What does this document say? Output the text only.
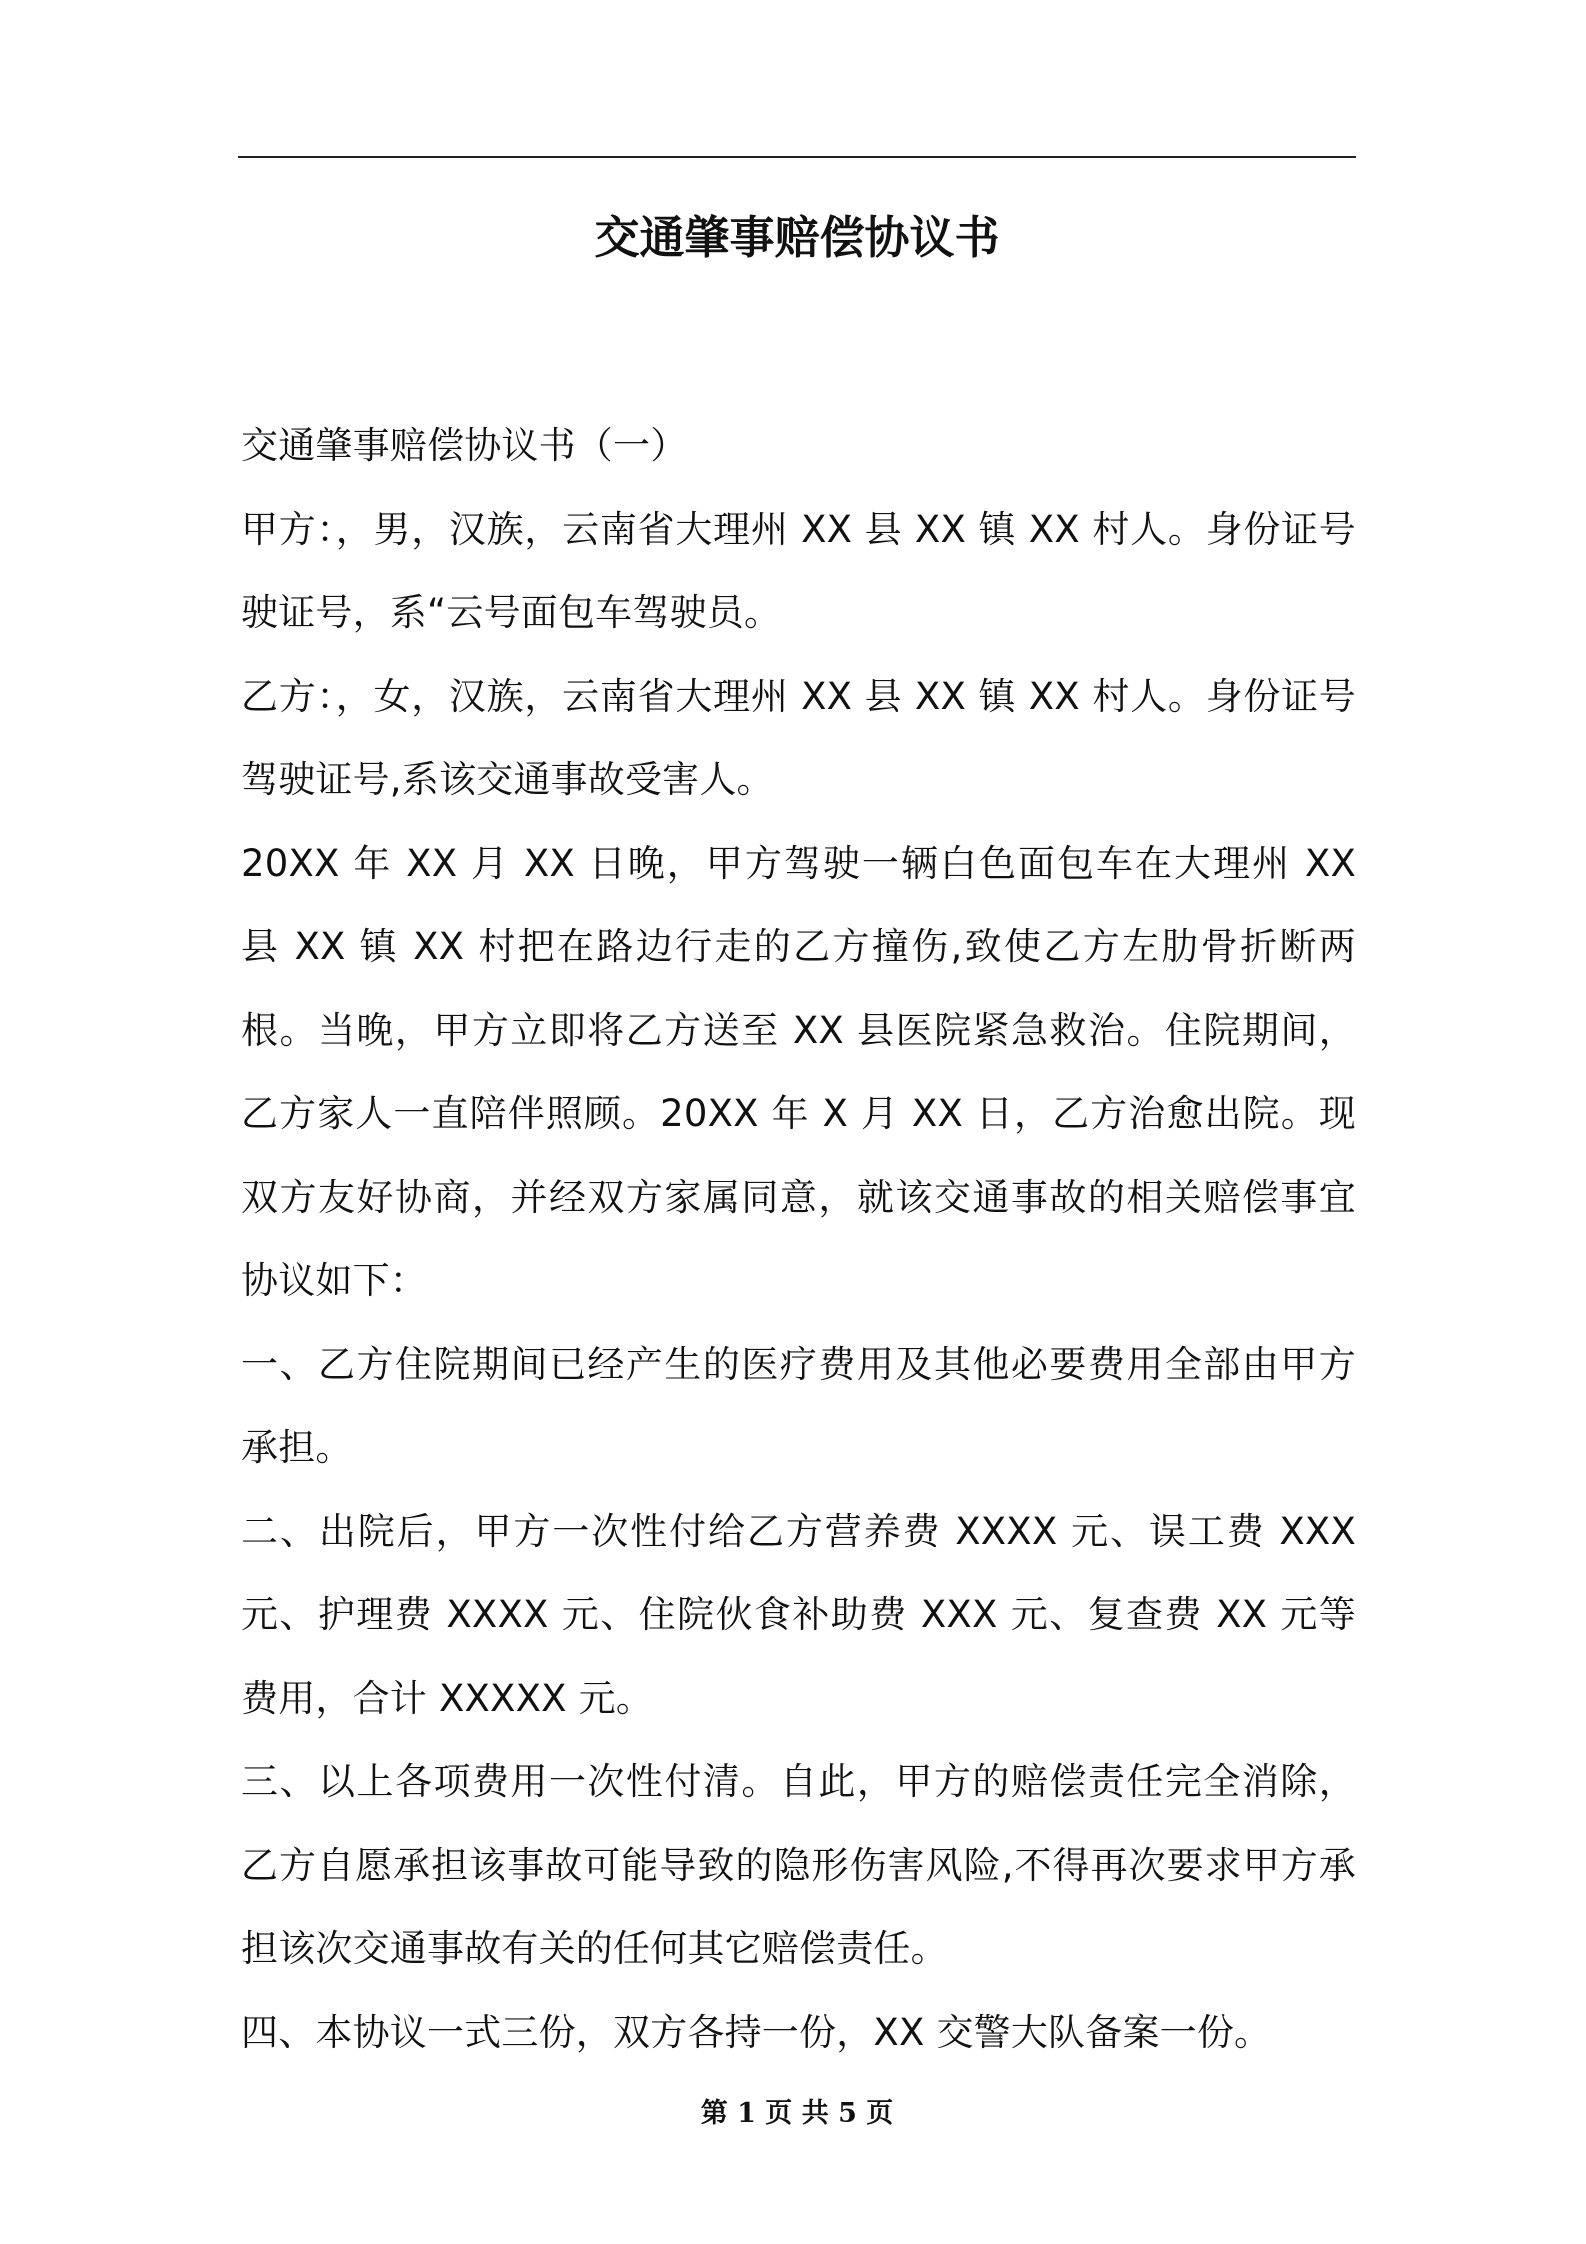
交通肇事赔偿协议书

交通肇事赔偿协议书（一）

甲方：，男，汉族，云南省大理州 XX 县 XX 镇 XX 村人。身份证号驶证号，系“云号面包车驾驶员。

乙方：，女，汉族，云南省大理州 XX 县 XX 镇 XX 村人。身份证号驾驶证号,系该交通事故受害人。

20XX 年 XX 月 XX 日晚，甲方驾驶一辆白色面包车在大理州 XX 县 XX 镇 XX 村把在路边行走的乙方撞伤,致使乙方左肋骨折断两根。当晚，甲方立即将乙方送至 XX 县医院紧急救治。住院期间，乙方家人一直陪伴照顾。20XX 年 X 月 XX 日，乙方治愈出院。现双方友好协商，并经双方家属同意，就该交通事故的相关赔偿事宜协议如下：

一、乙方住院期间已经产生的医疗费用及其他必要费用全部由甲方承担。

二、出院后，甲方一次性付给乙方营养费 XXXX 元、误工费 XXX 元、护理费 XXXX 元、住院伙食补助费 XXX 元、复查费 XX 元等费用，合计 XXXXX 元。

三、以上各项费用一次性付清。自此，甲方的赔偿责任完全消除，乙方自愿承担该事故可能导致的隐形伤害风险,不得再次要求甲方承担该次交通事故有关的任何其它赔偿责任。

四、本协议一式三份，双方各持一份，XX 交警大队备案一份。

第 1 页 共 5 页
